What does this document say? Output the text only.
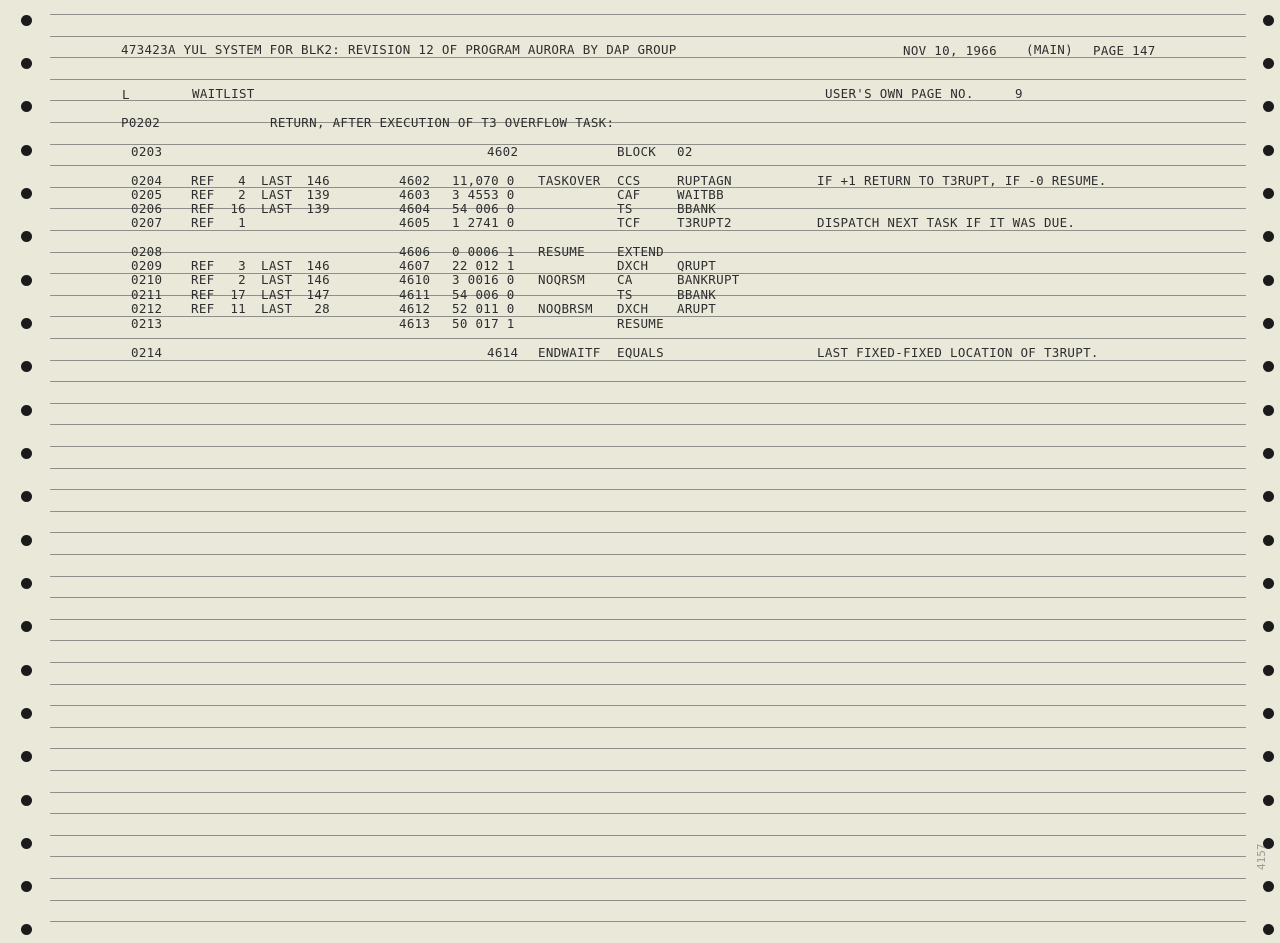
473423A YUL SYSTEM FOR BLK2: REVISION 12 OF PROGRAM AURORA BY DAP GROUP	NOV 10, 1966 (MAIN) PAGE 147
L	WAITLIST	USER'S OWN PAGE NO.	9
P0202	RETURN, AFTER EXECUTION OF T3 OVERFLOW TASK:
0203	4602	BLOCK 02
0204 REF	4 LAST	146	4602 11,070 0 TASKOVER CCS	RUPTAGN	IF +1 RETURN TO T3RUPT, IF -0 RESUME.
0205 REF	2 LAST	139	4603 3 4553 0	CAF	WAITBB
0206 REF	16 LAST	139	4604 54 006 0	TS	BBANK
0207 REF	1	4605 1 2741 0	TCF	T3RUPT2	DISPATCH NEXT TASK IF IT WAS DUE.
0208	4606 0 0006 1 RESUME	EXTEND
0209 REF	3 LAST	146	4607 22 012 1	DXCH QRUPT
0210 REF	2 LAST	146	4610 3 0016 0 NOQRSM	CA	BANKRUPT
0211 REF	17 LAST	147	4611 54 006 0	TS	BBANK
0212 REF	11 LAST	28	4612 52 011 0 NOQBRSM DXCH ARUPT
0213	4613 50 017 1	RESUME
0214	4614 ENDWAITF EQUALS	LAST FIXED-FIXED LOCATION OF T3RUPT.
4157
